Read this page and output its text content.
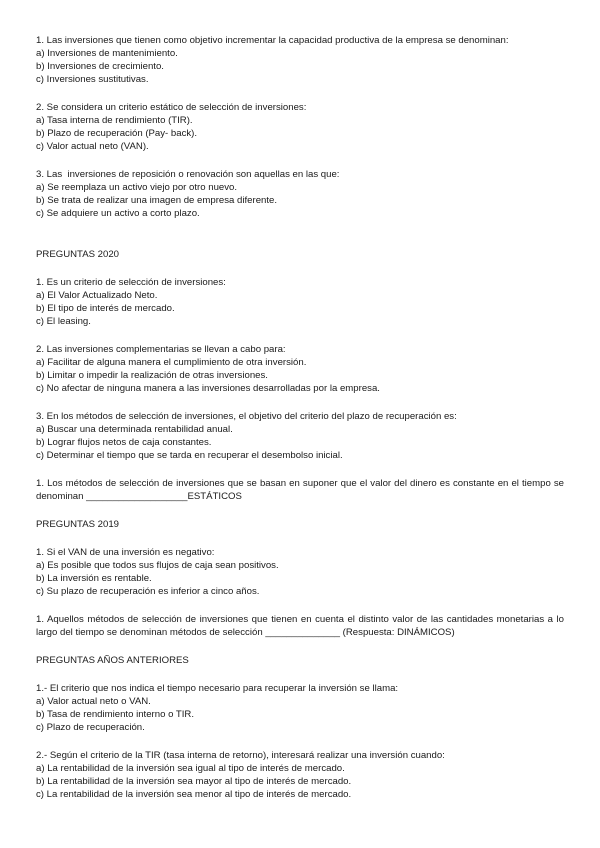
1. Las inversiones que tienen como objetivo incrementar la capacidad productiva de la empresa se denominan:
a) Inversiones de mantenimiento.
b) Inversiones de crecimiento.
c) Inversiones sustitutivas.
2. Se considera un criterio estático de selección de inversiones:
a) Tasa interna de rendimiento (TIR).
b) Plazo de recuperación (Pay- back).
c) Valor actual neto (VAN).
3. Las  inversiones de reposición o renovación son aquellas en las que:
a) Se reemplaza un activo viejo por otro nuevo.
b) Se trata de realizar una imagen de empresa diferente.
c) Se adquiere un activo a corto plazo.
PREGUNTAS 2020
1. Es un criterio de selección de inversiones:
a) El Valor Actualizado Neto.
b) El tipo de interés de mercado.
c) El leasing.
2. Las inversiones complementarias se llevan a cabo para:
a) Facilitar de alguna manera el cumplimiento de otra inversión.
b) Limitar o impedir la realización de otras inversiones.
c) No afectar de ninguna manera a las inversiones desarrolladas por la empresa.
3. En los métodos de selección de inversiones, el objetivo del criterio del plazo de recuperación es:
a) Buscar una determinada rentabilidad anual.
b) Lograr flujos netos de caja constantes.
c) Determinar el tiempo que se tarda en recuperar el desembolso inicial.
1. Los métodos de selección de inversiones que se basan en suponer que el valor del dinero es constante en el tiempo se denominan ___________________ESTÁTICOS
PREGUNTAS 2019
1. Si el VAN de una inversión es negativo:
a) Es posible que todos sus flujos de caja sean positivos.
b) La inversión es rentable.
c) Su plazo de recuperación es inferior a cinco años.
1. Aquellos métodos de selección de inversiones que tienen en cuenta el distinto valor de las cantidades monetarias a lo largo del tiempo se denominan métodos de selección ______________ (Respuesta: DINÁMICOS)
PREGUNTAS AÑOS ANTERIORES
1.- El criterio que nos indica el tiempo necesario para recuperar la inversión se llama:
a) Valor actual neto o VAN.
b) Tasa de rendimiento interno o TIR.
c) Plazo de recuperación.
2.- Según el criterio de la TIR (tasa interna de retorno), interesará realizar una inversión cuando:
a) La rentabilidad de la inversión sea igual al tipo de interés de mercado.
b) La rentabilidad de la inversión sea mayor al tipo de interés de mercado.
c) La rentabilidad de la inversión sea menor al tipo de interés de mercado.
